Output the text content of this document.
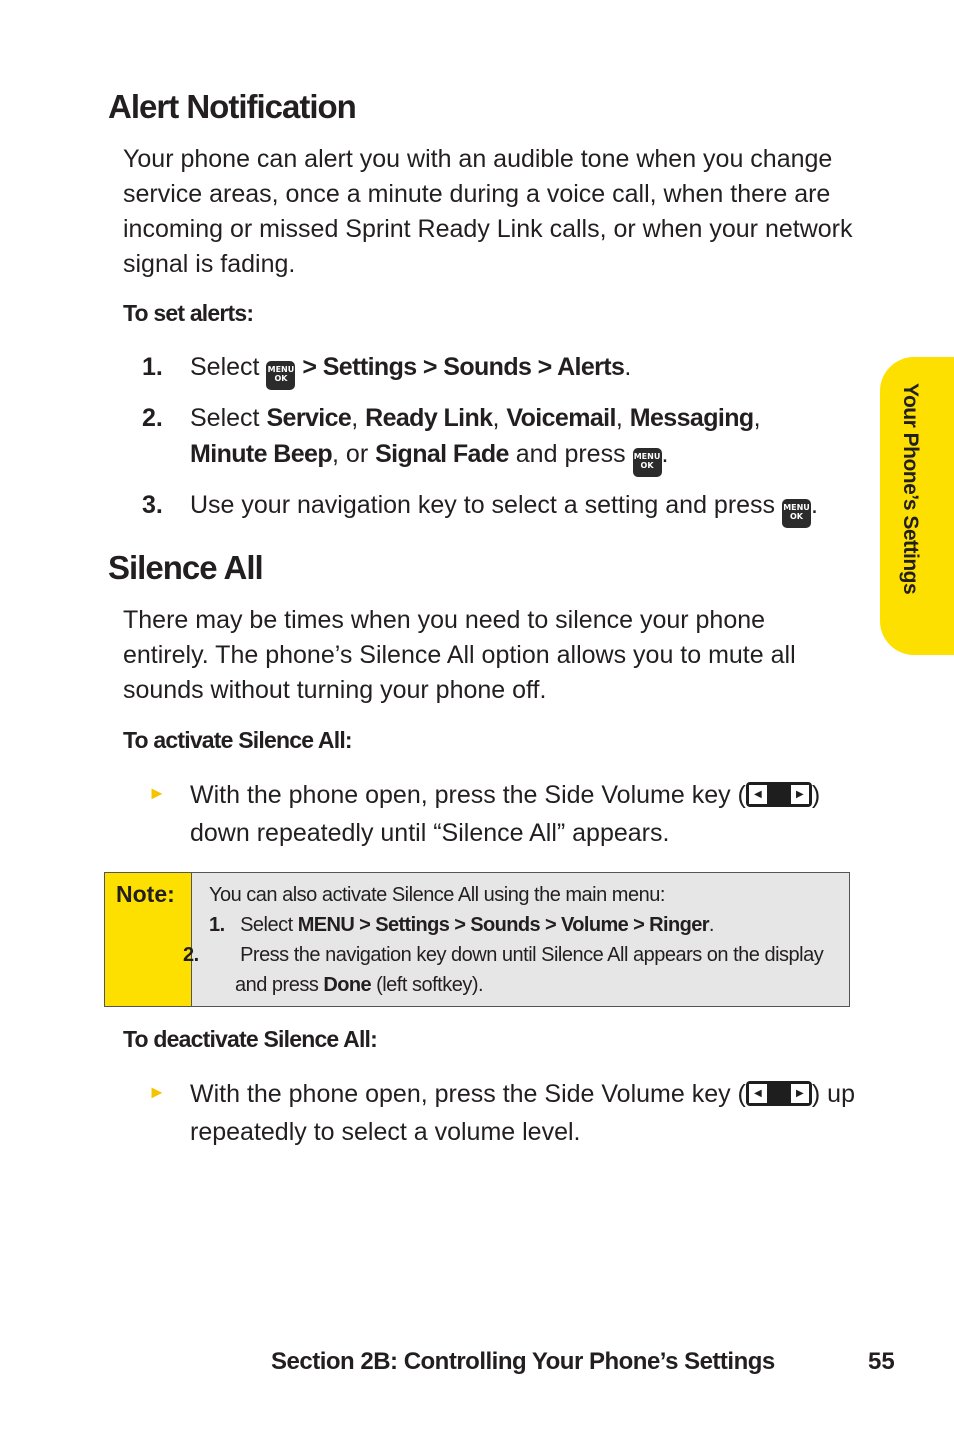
Alert Notification

Your phone can alert you with an audible tone when you change service areas, once a minute during a voice call, when there are incoming or missed Sprint Ready Link calls, or when your network signal is fading.

To set alerts:
1. Select MENU
OK > Settings > Sounds > Alerts.
2. Select Service, Ready Link, Voicemail, Messaging,
Minute Beep, or Signal Fade and press MENU
OK .
3. Use your navigation key to select a setting and press MENU
OK .
Silence All

There may be times when you need to silence your phone entirely. The phone’s Silence All option allows you to mute all sounds without turning your phone off.

To activate Silence All:
► With the phone open, press the Side Volume key ( ◀	▶ ) down repeatedly until “Silence All” appears.
Note: You can also activate Silence All using the main menu:
1. Select MENU > Settings > Sounds > Volume > Ringer.
2. Press the navigation key down until Silence All appears on the display and press Done (left softkey).
To deactivate Silence All:
► With the phone open, press the Side Volume key ( ◀	▶ ) up repeatedly to select a volume level.
Your Phone’s Settings
Section 2B: Controlling Your Phone’s Settings	55
